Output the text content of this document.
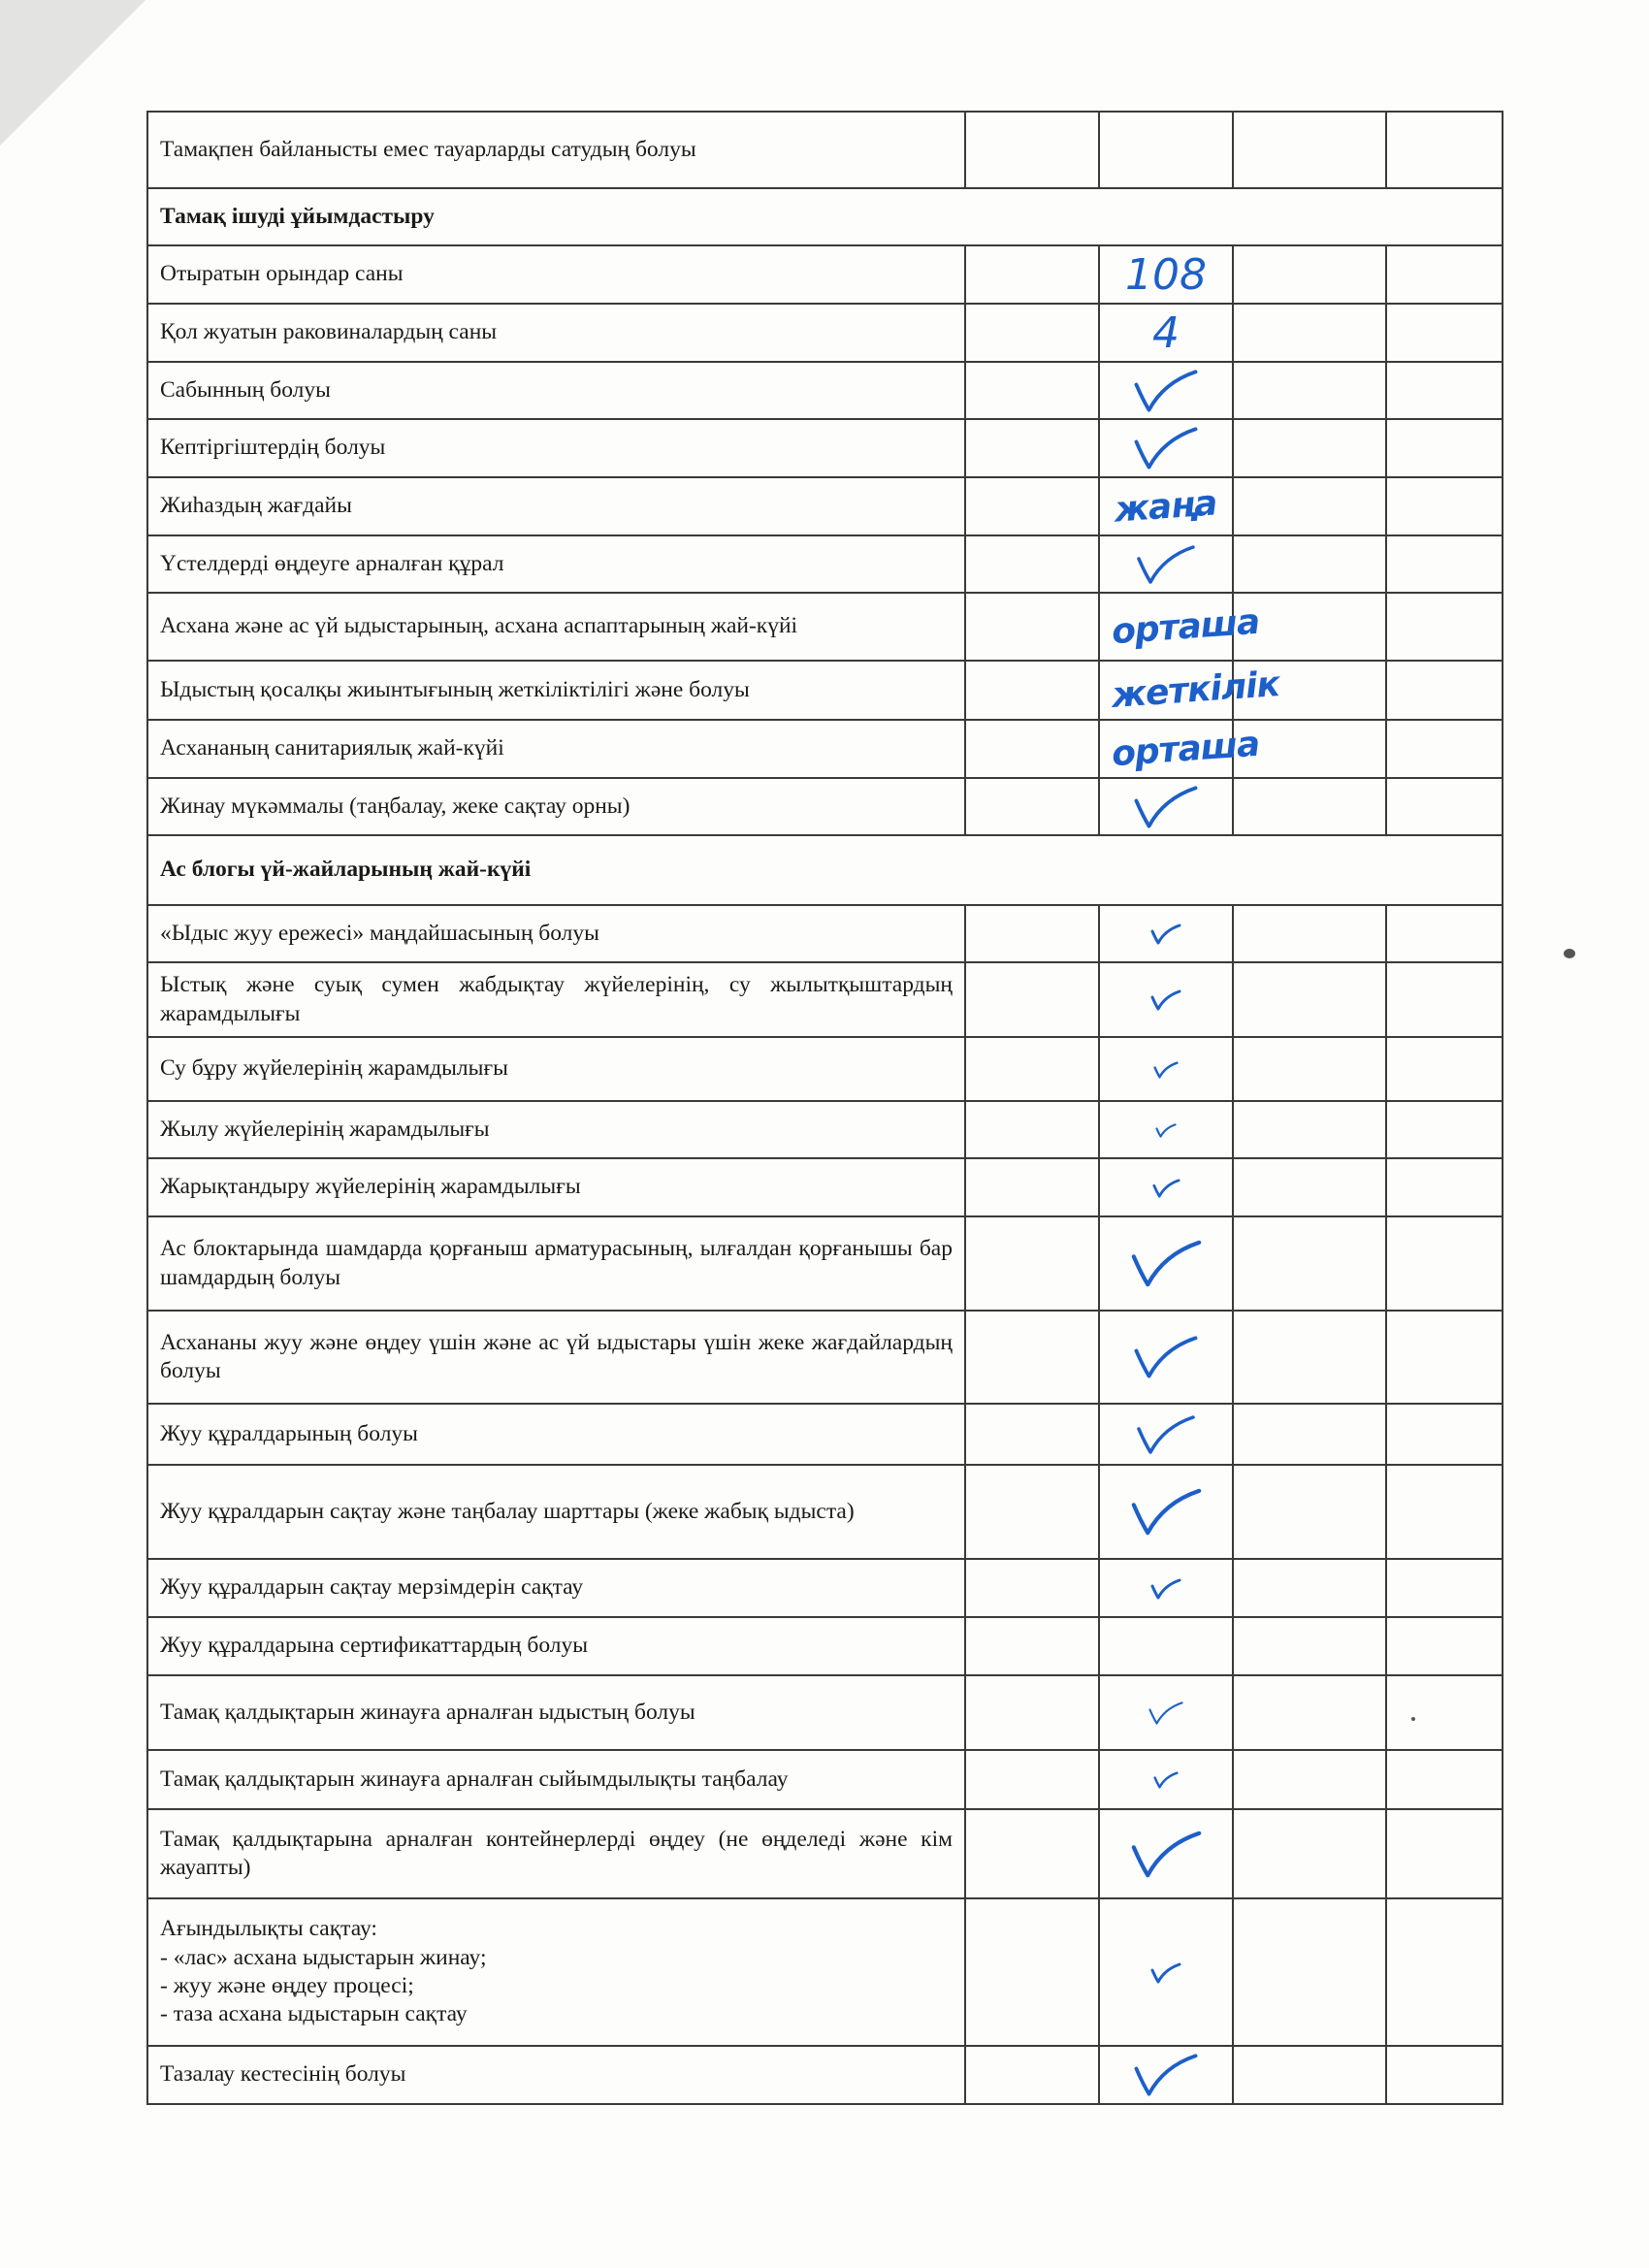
Тамақпен байланысты емес тауарларды сатудың болуы				
Тамақ ішуді ұйымдастыру				
Отыратын орындар саны		108		
Қол жуатын раковиналардың саны		4		
Сабынның болуы				
Кептіргіштердің болуы				
Жиһаздың жағдайы		жаңа		
Үстелдерді өңдеуге арналған құрал				
Асхана және ас үй ыдыстарының, асхана аспаптарының жай-күйі		орташа		
Ыдыстың қосалқы жиынтығының жеткіліктілігі және болуы		жеткілік		
Асхананың санитариялық жай-күйі		орташа		
Жинау мүкәммалы (таңбалау, жеке сақтау орны)				
Ас блогы үй-жайларының жай-күйі				
«Ыдыс жуу ережесі» маңдайшасының болуы				
Ыстық және суық сумен жабдықтау жүйелерінің, су жылытқыштардың жарамдылығы				
Су бұру жүйелерінің жарамдылығы				
Жылу жүйелерінің жарамдылығы				
Жарықтандыру жүйелерінің жарамдылығы				
Ас блоктарында шамдарда қорғаныш арматурасының, ылғалдан қорғанышы бар шамдардың болуы				
Асхананы жуу және өңдеу үшін және ас үй ыдыстары үшін жеке жағдайлардың болуы				
Жуу құралдарының болуы				
Жуу құралдарын сақтау және таңбалау шарттары (жеке жабық ыдыста)				
Жуу құралдарын сақтау мерзімдерін сақтау				
Жуу құралдарына сертификаттардың болуы				
Тамақ қалдықтарын жинауға арналған ыдыстың болуы				
Тамақ қалдықтарын жинауға арналған сыйымдылықты таңбалау				
Тамақ қалдықтарына арналған контейнерлерді өңдеу (не өңделеді және кім жауапты)				

Ағындылықты сақтау:
- «лас» асхана ыдыстарын жинау;
- жуу және өңдеу процесі;
- таза асхана ыдыстарын сақтау

Тазалау кестесінің болуы				
